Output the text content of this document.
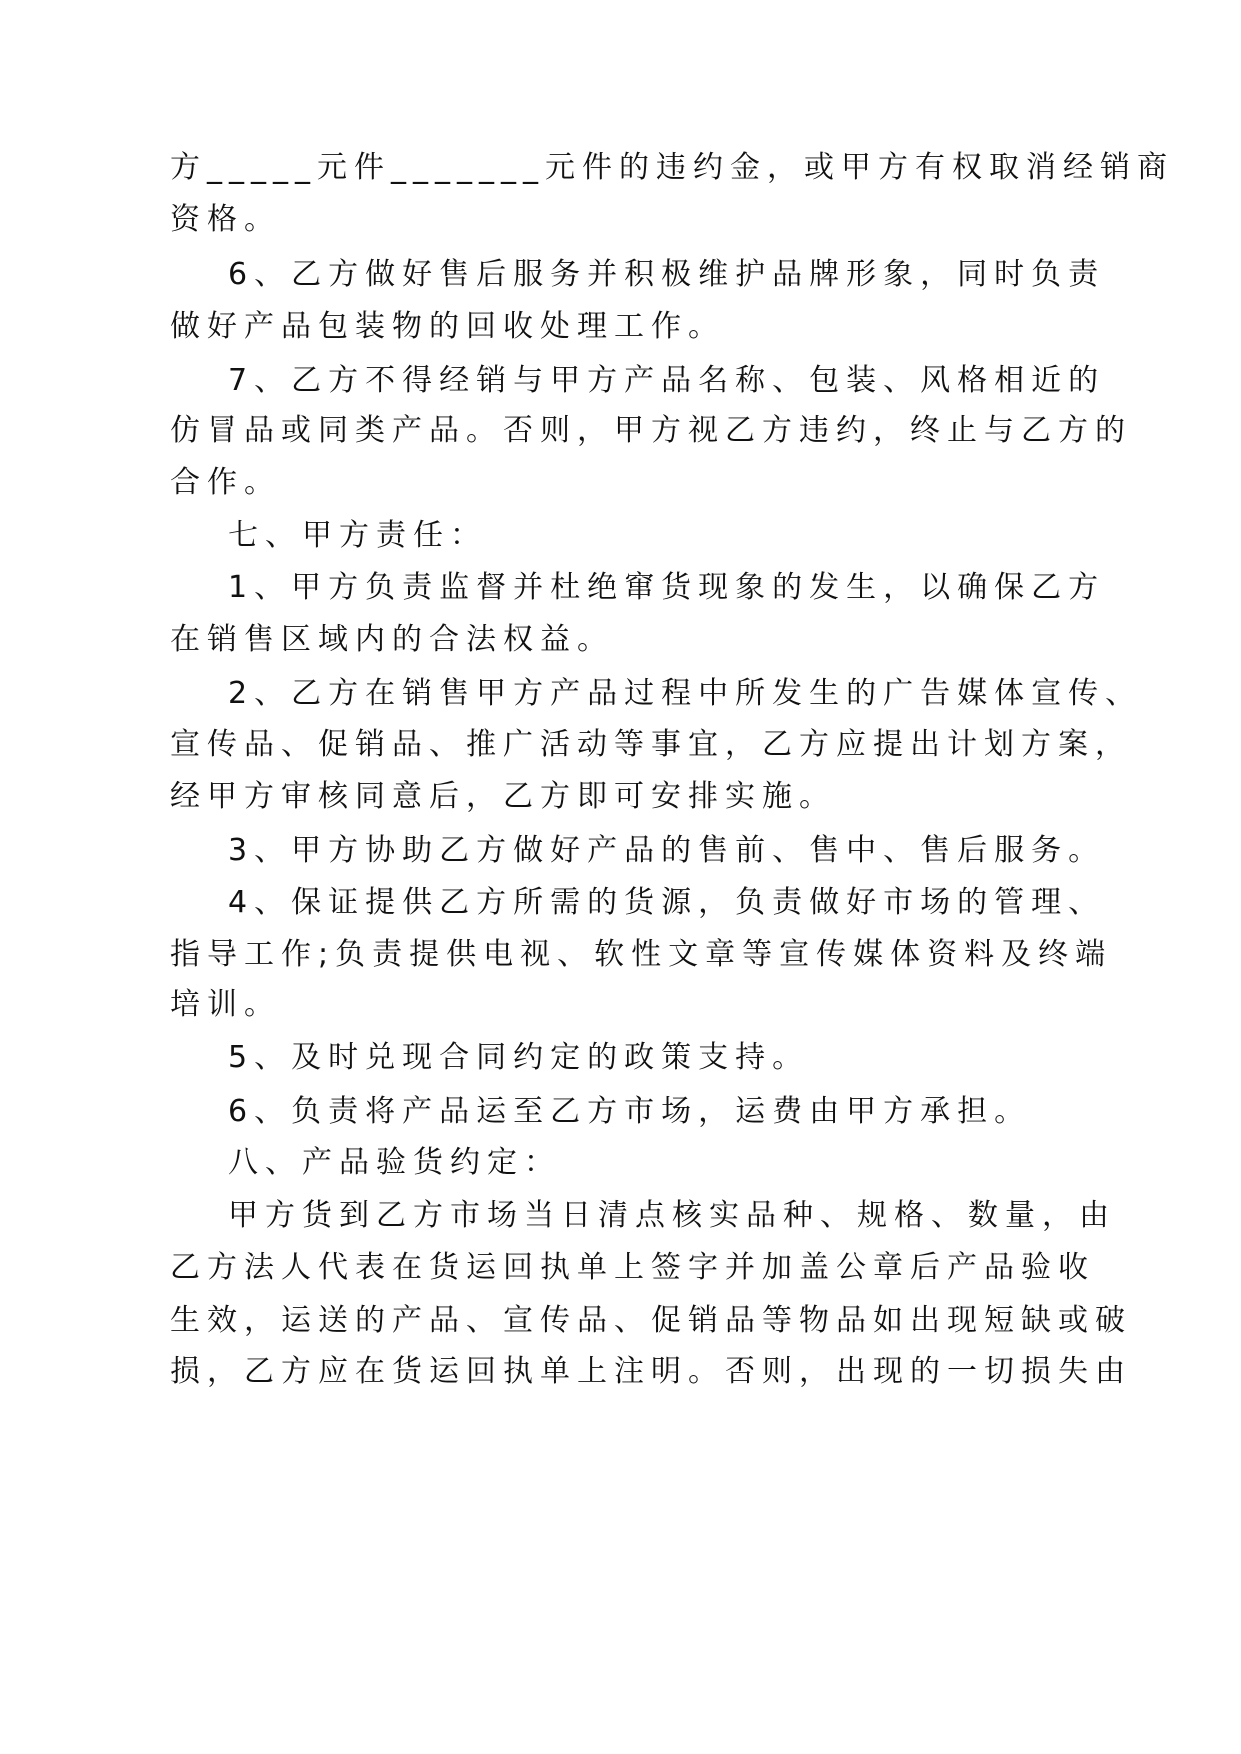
方_____元件_______元件的违约金，或甲方有权取消经销商
资格。
6、乙方做好售后服务并积极维护品牌形象，同时负责
做好产品包装物的回收处理工作。
7、乙方不得经销与甲方产品名称、包装、风格相近的
仿冒品或同类产品。否则，甲方视乙方违约，终止与乙方的
合作。
七、甲方责任：
1、甲方负责监督并杜绝窜货现象的发生，以确保乙方
在销售区域内的合法权益。
2、乙方在销售甲方产品过程中所发生的广告媒体宣传、
宣传品、促销品、推广活动等事宜，乙方应提出计划方案，
经甲方审核同意后，乙方即可安排实施。
3、甲方协助乙方做好产品的售前、售中、售后服务。
4、保证提供乙方所需的货源，负责做好市场的管理、
指导工作;负责提供电视、软性文章等宣传媒体资料及终端
培训。
5、及时兑现合同约定的政策支持。
6、负责将产品运至乙方市场，运费由甲方承担。
八、产品验货约定：
甲方货到乙方市场当日清点核实品种、规格、数量，由
乙方法人代表在货运回执单上签字并加盖公章后产品验收
生效，运送的产品、宣传品、促销品等物品如出现短缺或破
损，乙方应在货运回执单上注明。否则，出现的一切损失由
